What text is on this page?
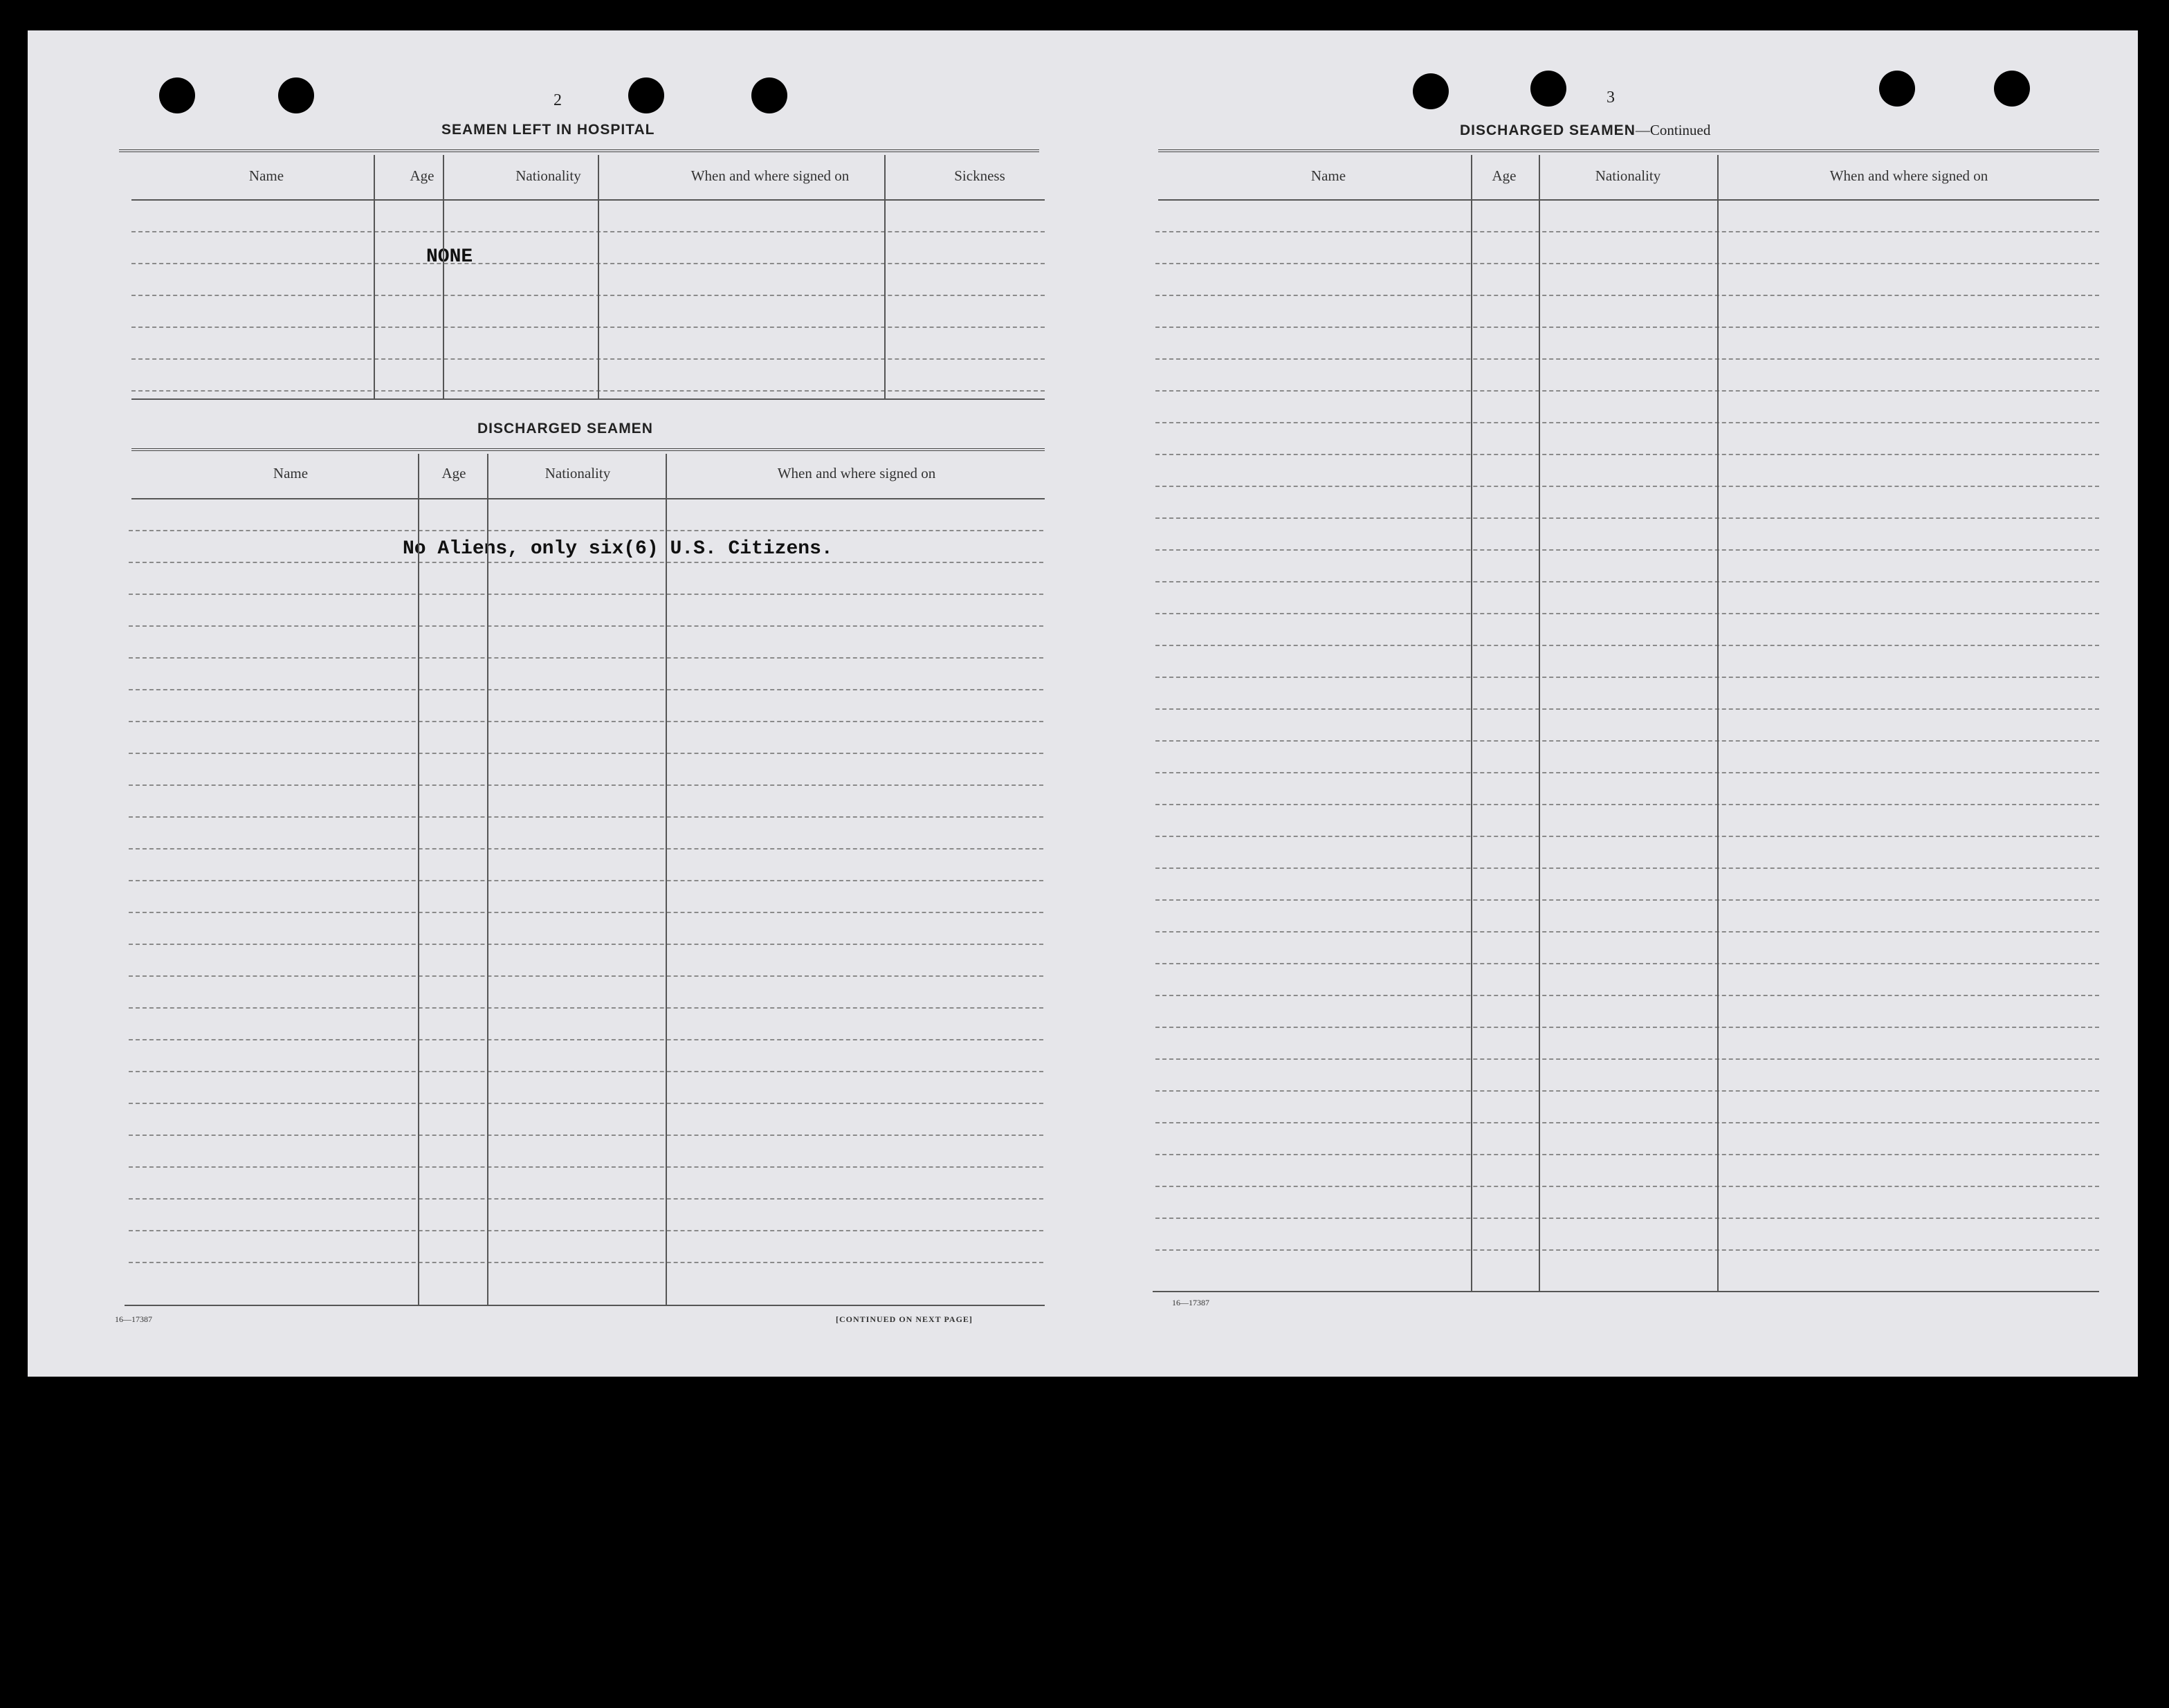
2
SEAMEN LEFT IN HOSPITAL
Name	Age	Nationality	When and where signed on	Sickness
NONE
DISCHARGED SEAMEN
Name	Age	Nationality	When and where signed on
No Aliens, only six(6) U.S. Citizens.
16—17387	[CONTINUED ON NEXT PAGE]
3
DISCHARGED SEAMEN—Continued
Name	Age	Nationality	When and where signed on
16—17387
